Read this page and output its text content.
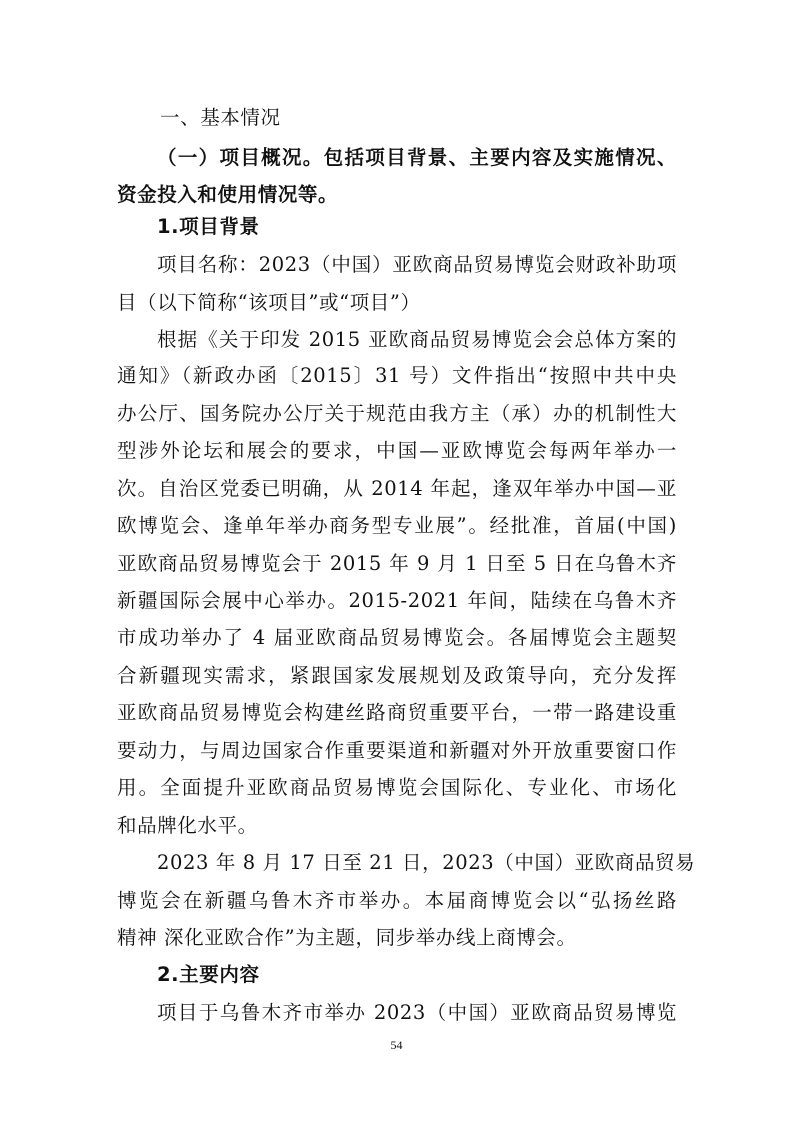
一、基本情况
（一）项目概况。包括项目背景、主要内容及实施情况、
资金投入和使用情况等。
1.项目背景
项目名称：2023（中国）亚欧商品贸易博览会财政补助项
目（以下简称“该项目”或“项目”）
根据《关于印发 2015 亚欧商品贸易博览会会总体方案的
通知》（新政办函〔2015〕31 号）文件指出“按照中共中央
办公厅、国务院办公厅关于规范由我方主（承）办的机制性大
型涉外论坛和展会的要求，中国—亚欧博览会每两年举办一
次。自治区党委已明确，从 2014 年起，逢双年举办中国—亚
欧博览会、逢单年举办商务型专业展”。经批准，首届(中国)
亚欧商品贸易博览会于 2015 年 9 月 1 日至 5 日在乌鲁木齐
新疆国际会展中心举办。2015-2021 年间，陆续在乌鲁木齐
市成功举办了 4 届亚欧商品贸易博览会。各届博览会主题契
合新疆现实需求，紧跟国家发展规划及政策导向，充分发挥
亚欧商品贸易博览会构建丝路商贸重要平台，一带一路建设重
要动力，与周边国家合作重要渠道和新疆对外开放重要窗口作
用。全面提升亚欧商品贸易博览会国际化、专业化、市场化
和品牌化水平。
2023 年 8 月 17 日至 21 日，2023（中国）亚欧商品贸易
博览会在新疆乌鲁木齐市举办。本届商博览会以“弘扬丝路
精神 深化亚欧合作”为主题，同步举办线上商博会。
2.主要内容
项目于乌鲁木齐市举办 2023（中国）亚欧商品贸易博览
54
